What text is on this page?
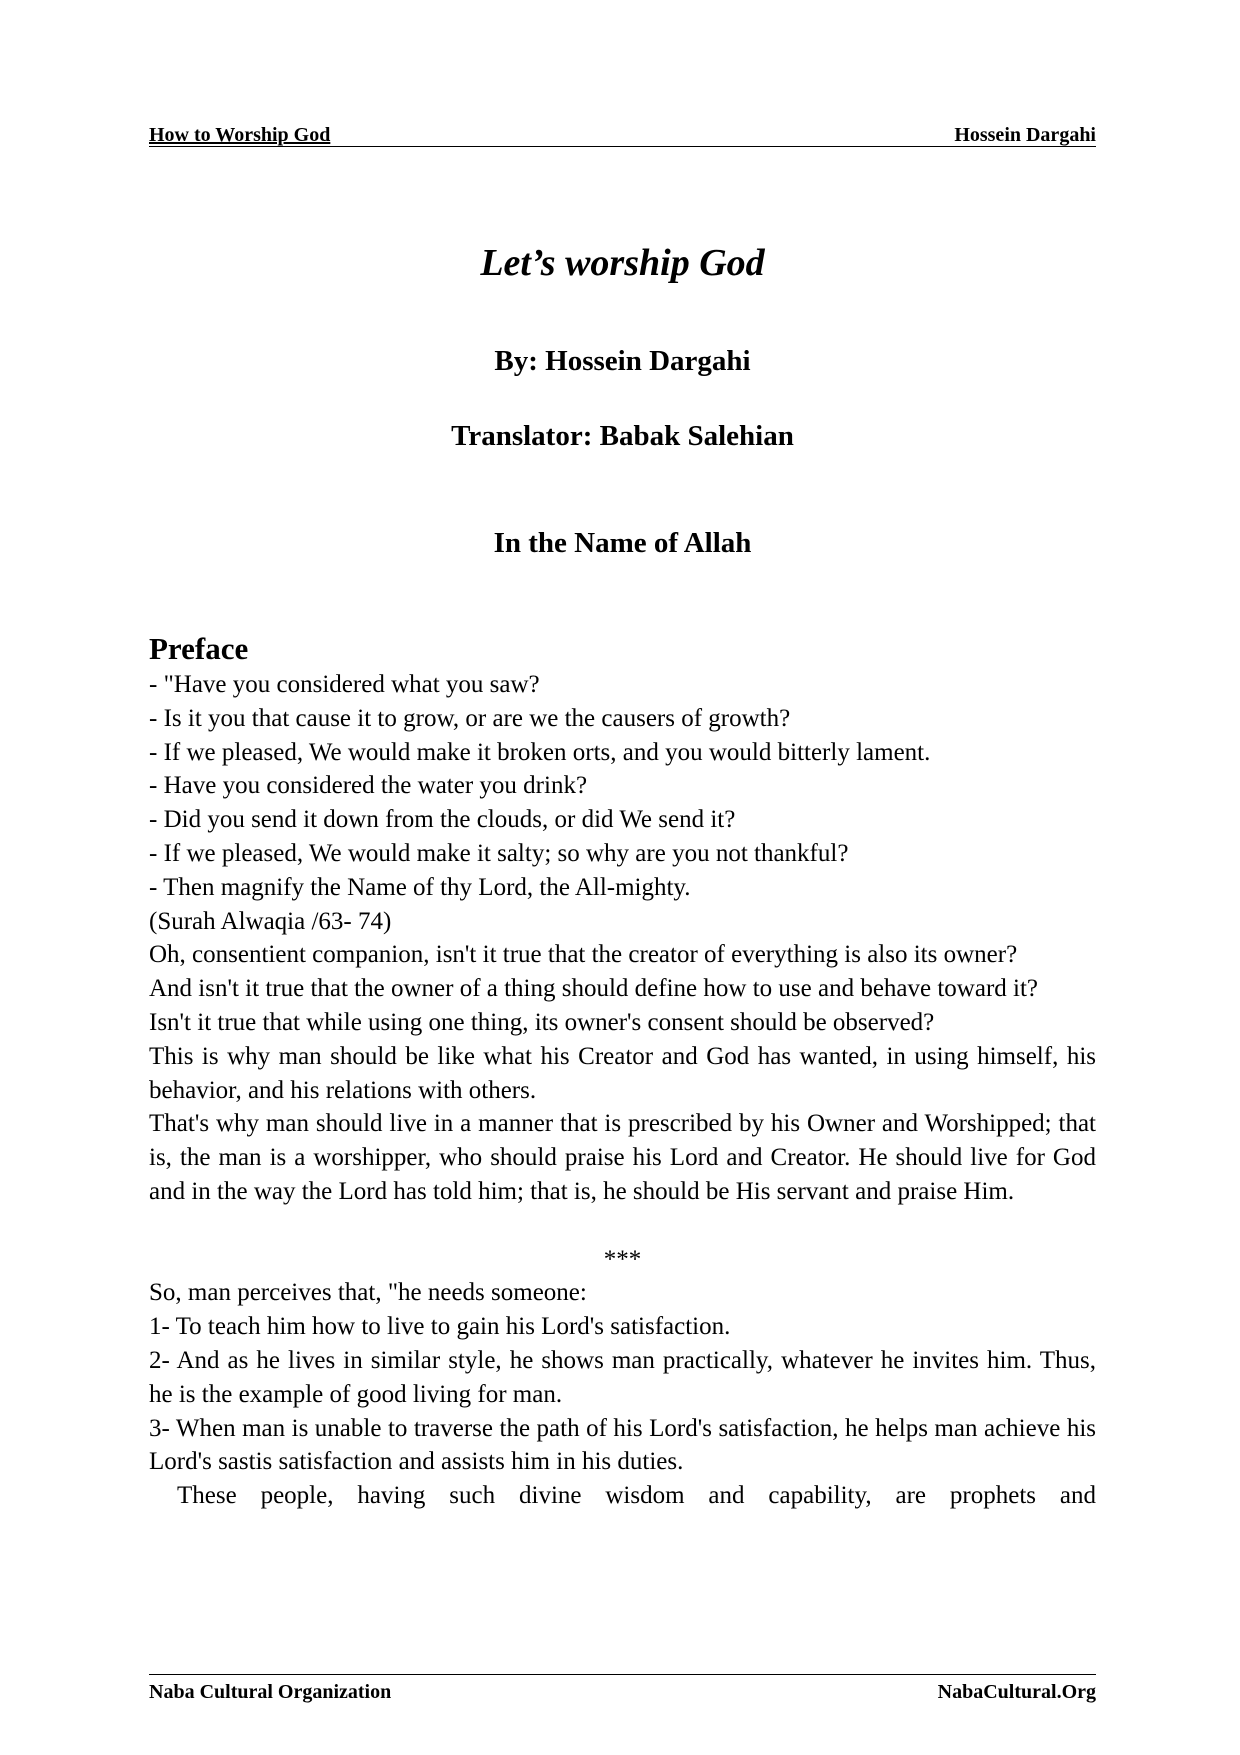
How to Worship God	Hossein Dargahi
Let’s worship God
By: Hossein Dargahi
Translator: Babak Salehian
In the Name of Allah
Preface

- "Have you considered what you saw?

- Is it you that cause it to grow, or are we the causers of growth?

- If we pleased, We would make it broken orts, and you would bitterly lament.

- Have you considered the water you drink?

- Did you send it down from the clouds, or did We send it?

- If we pleased, We would make it salty; so why are you not thankful?

- Then magnify the Name of thy Lord, the All-mighty.

(Surah Alwaqia /63- 74)

Oh, consentient companion, isn't it true that the creator of everything is also its owner?

And isn't it true that the owner of a thing should define how to use and behave toward it?

Isn't it true that while using one thing, its owner's consent should be observed?

This is why man should be like what his Creator and God has wanted, in using himself, his behavior, and his relations with others.

That's why man should live in a manner that is prescribed by his Owner and Worshipped; that is, the man is a worshipper, who should praise his Lord and Creator. He should live for God and in the way the Lord has told him; that is, he should be His servant and praise Him.

***

So, man perceives that, "he needs someone:

1- To teach him how to live to gain his Lord's satisfaction.

2- And as he lives in similar style, he shows man practically, whatever he invites him. Thus, he is the example of good living for man.

3- When man is unable to traverse the path of his Lord's satisfaction, he helps man achieve his Lord's sastis satisfaction and assists him in his duties.

These people, having such divine wisdom and capability, are prophets and

Naba Cultural Organization	NabaCultural.Org
